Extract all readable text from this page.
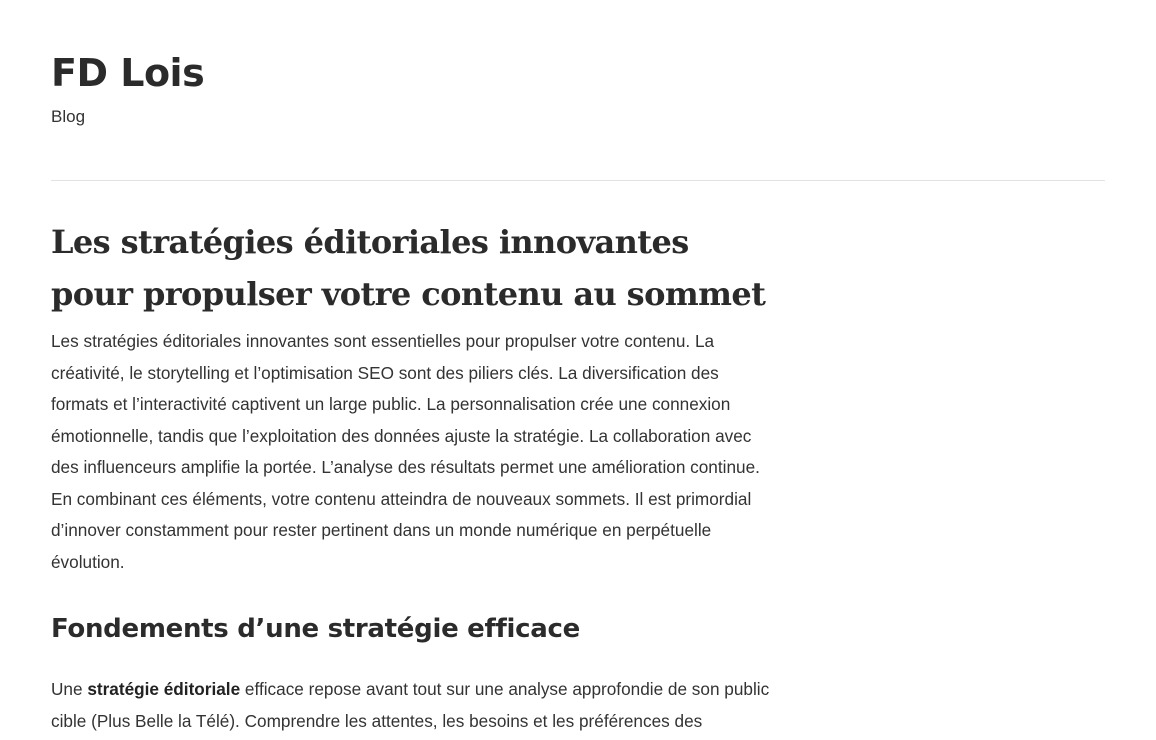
FD Lois

Blog

Les stratégies éditoriales innovantes pour propulser votre contenu au sommet

Les stratégies éditoriales innovantes sont essentielles pour propulser votre contenu. La créativité, le storytelling et l’optimisation SEO sont des piliers clés. La diversification des formats et l’interactivité captivent un large public. La personnalisation crée une connexion émotionnelle, tandis que l’exploitation des données ajuste la stratégie. La collaboration avec des influenceurs amplifie la portée. L’analyse des résultats permet une amélioration continue. En combinant ces éléments, votre contenu atteindra de nouveaux sommets. Il est primordial d’innover constamment pour rester pertinent dans un monde numérique en perpétuelle évolution.

Fondements d’une stratégie efficace

Une stratégie éditoriale efficace repose avant tout sur une analyse approfondie de son public cible (Plus Belle la Télé). Comprendre les attentes, les besoins et les préférences des
